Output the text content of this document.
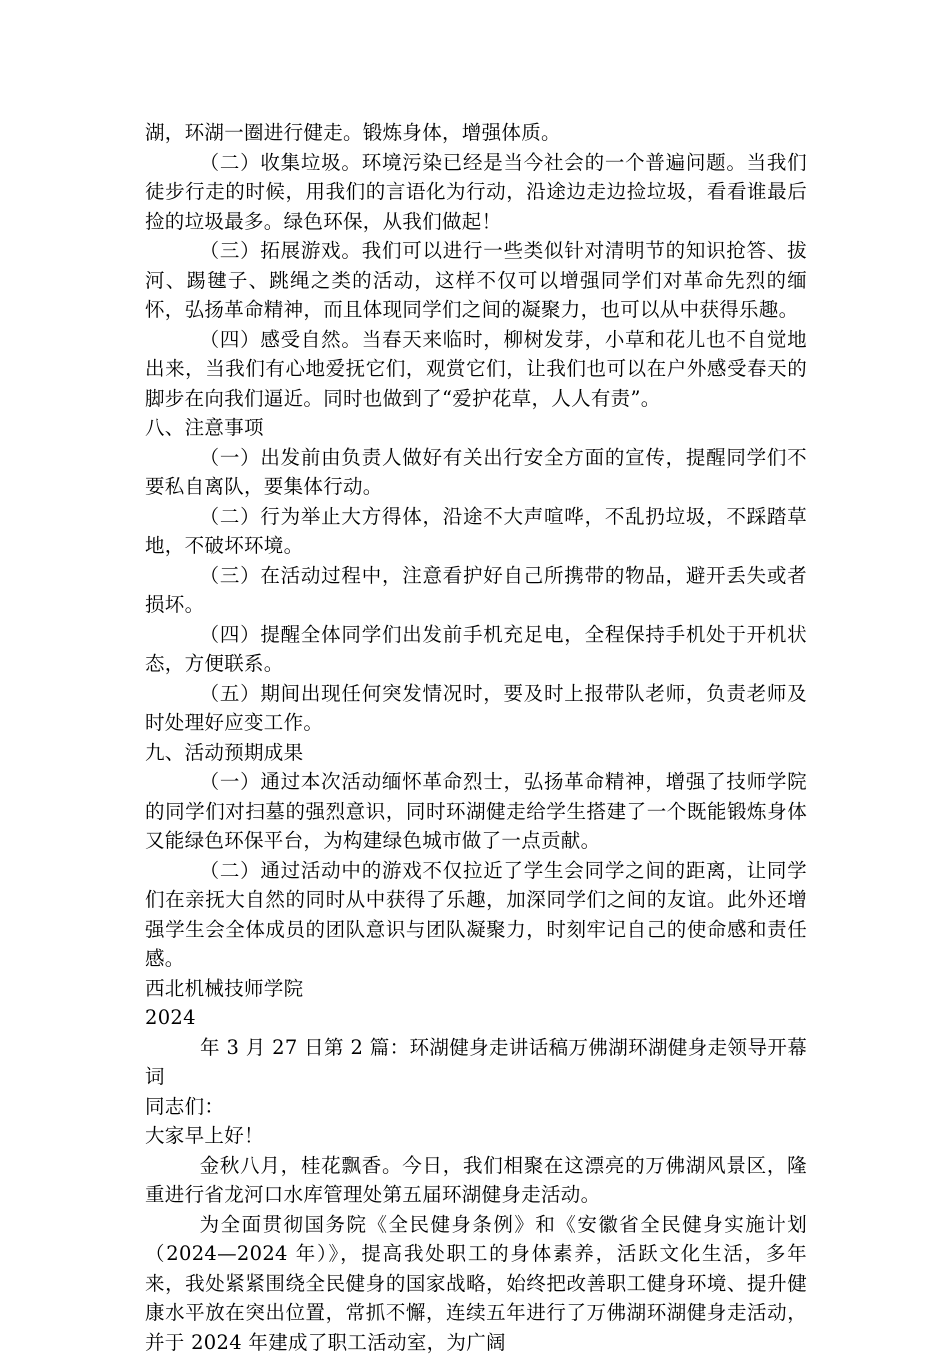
湖，环湖一圈进行健走。锻炼身体，增强体质。

（二）收集垃圾。环境污染已经是当今社会的一个普遍问题。当我们徒步行走的时候，用我们的言语化为行动，沿途边走边捡垃圾，看看谁最后捡的垃圾最多。绿色环保，从我们做起！

（三）拓展游戏。我们可以进行一些类似针对清明节的知识抢答、拔河、踢毽子、跳绳之类的活动，这样不仅可以增强同学们对革命先烈的缅怀，弘扬革命精神，而且体现同学们之间的凝聚力，也可以从中获得乐趣。

（四）感受自然。当春天来临时，柳树发芽，小草和花儿也不自觉地出来，当我们有心地爱抚它们，观赏它们，让我们也可以在户外感受春天的脚步在向我们逼近。同时也做到了“爱护花草，人人有责”。

八、注意事项

（一）出发前由负责人做好有关出行安全方面的宣传，提醒同学们不要私自离队，要集体行动。

（二）行为举止大方得体，沿途不大声喧哗，不乱扔垃圾，不踩踏草地，不破坏环境。

（三）在活动过程中，注意看护好自己所携带的物品，避开丢失或者损坏。

（四）提醒全体同学们出发前手机充足电，全程保持手机处于开机状态，方便联系。

（五）期间出现任何突发情况时，要及时上报带队老师，负责老师及时处理好应变工作。

九、活动预期成果

（一）通过本次活动缅怀革命烈士，弘扬革命精神，增强了技师学院的同学们对扫墓的强烈意识，同时环湖健走给学生搭建了一个既能锻炼身体又能绿色环保平台，为构建绿色城市做了一点贡献。

（二）通过活动中的游戏不仅拉近了学生会同学之间的距离，让同学们在亲抚大自然的同时从中获得了乐趣，加深同学们之间的友谊。此外还增强学生会全体成员的团队意识与团队凝聚力，时刻牢记自己的使命感和责任感。

西北机械技师学院

2024

年 3 月 27 日第 2 篇：环湖健身走讲话稿万佛湖环湖健身走领导开幕词

同志们：

大家早上好！

金秋八月，桂花飘香。今日，我们相聚在这漂亮的万佛湖风景区，隆重进行省龙河口水库管理处第五届环湖健身走活动。

为全面贯彻国务院《全民健身条例》和《安徽省全民健身实施计划（2024—2024 年）》，提高我处职工的身体素养，活跃文化生活，多年来，我处紧紧围绕全民健身的国家战略，始终把改善职工健身环境、提升健康水平放在突出位置，常抓不懈，连续五年进行了万佛湖环湖健身走活动，并于 2024 年建成了职工活动室，为广阔
